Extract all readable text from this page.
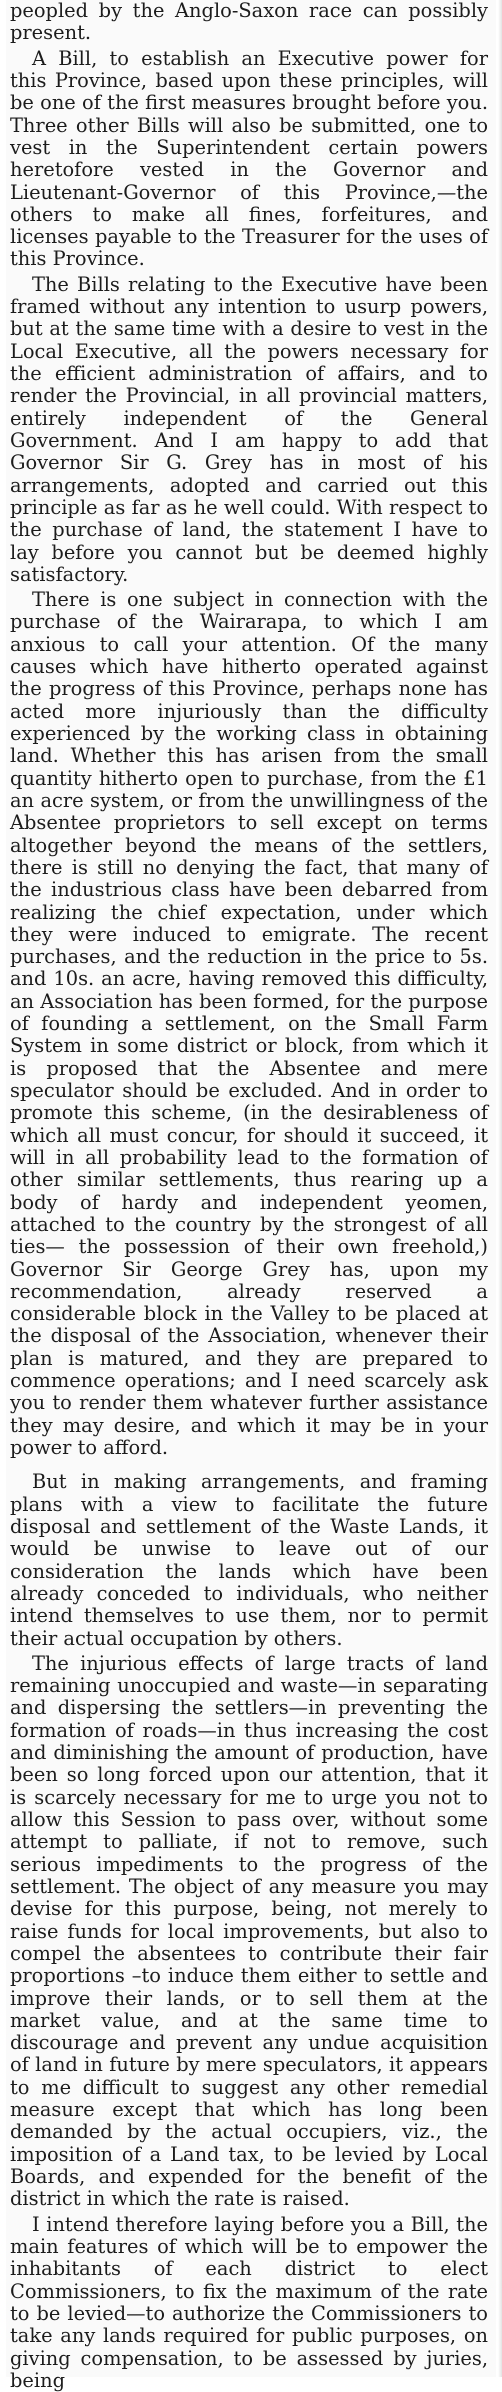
peopled by the Anglo-Saxon race can possibly present.

A Bill, to establish an Executive power for this Province, based upon these principles, will be one of the first measures brought before you. Three other Bills will also be submitted, one to vest in the Superintendent certain powers heretofore vested in the Governor and Lieutenant-Governor of this Province,—the others to make all fines, forfeitures, and licenses payable to the Treasurer for the uses of this Province.

The Bills relating to the Executive have been framed without any intention to usurp powers, but at the same time with a desire to vest in the Local Executive, all the powers necessary for the efficient administration of affairs, and to render the Provincial, in all provincial matters, entirely independent of the General Government. And I am happy to add that Governor Sir G. Grey has in most of his arrangements, adopted and carried out this principle as far as he well could. With respect to the purchase of land, the statement I have to lay before you cannot but be deemed highly satisfactory.

There is one subject in connection with the purchase of the Wairarapa, to which I am anxious to call your attention. Of the many causes which have hitherto operated against the progress of this Province, perhaps none has acted more injuriously than the difficulty experienced by the working class in obtaining land. Whether this has arisen from the small quantity hitherto open to purchase, from the £1 an acre system, or from the unwillingness of the Absentee proprietors to sell except on terms altogether beyond the means of the settlers, there is still no denying the fact, that many of the industrious class have been debarred from realizing the chief expectation, under which they were induced to emigrate. The recent purchases, and the reduction in the price to 5s. and 10s. an acre, having removed this difficulty, an Association has been formed, for the purpose of founding a settlement, on the Small Farm System in some district or block, from which it is proposed that the Absentee and mere speculator should be excluded. And in order to promote this scheme, (in the desirableness of which all must concur, for should it succeed, it will in all probability lead to the formation of other similar settlements, thus rearing up a body of hardy and independent yeomen, attached to the country by the strongest of all ties— the possession of their own freehold,) Governor Sir George Grey has, upon my recommendation, already reserved a considerable block in the Valley to be placed at the disposal of the Association, whenever their plan is matured, and they are prepared to commence operations; and I need scarcely ask you to render them whatever further assistance they may desire, and which it may be in your power to afford.

But in making arrangements, and framing plans with a view to facilitate the future disposal and settlement of the Waste Lands, it would be unwise to leave out of our consideration the lands which have been already conceded to individuals, who neither intend themselves to use them, nor to permit their actual occupation by others.

The injurious effects of large tracts of land remaining unoccupied and waste—in separating and dispersing the settlers—in preventing the formation of roads—in thus increasing the cost and diminishing the amount of production, have been so long forced upon our attention, that it is scarcely necessary for me to urge you not to allow this Session to pass over, without some attempt to palliate, if not to remove, such serious impediments to the progress of the settlement. The object of any measure you may devise for this purpose, being, not merely to raise funds for local improvements, but also to compel the absentees to contribute their fair proportions –to induce them either to settle and improve their lands, or to sell them at the market value, and at the same time to discourage and prevent any undue acquisition of land in future by mere speculators, it appears to me difficult to suggest any other remedial measure except that which has long been demanded by the actual occupiers, viz., the imposition of a Land tax, to be levied by Local Boards, and expended for the benefit of the district in which the rate is raised.

I intend therefore laying before you a Bill, the main features of which will be to empower the inhabitants of each district to elect Commissioners, to fix the maximum of the rate to be levied—to authorize the Commissioners to take any lands required for public purposes, on giving compensation, to be assessed by juries, being
